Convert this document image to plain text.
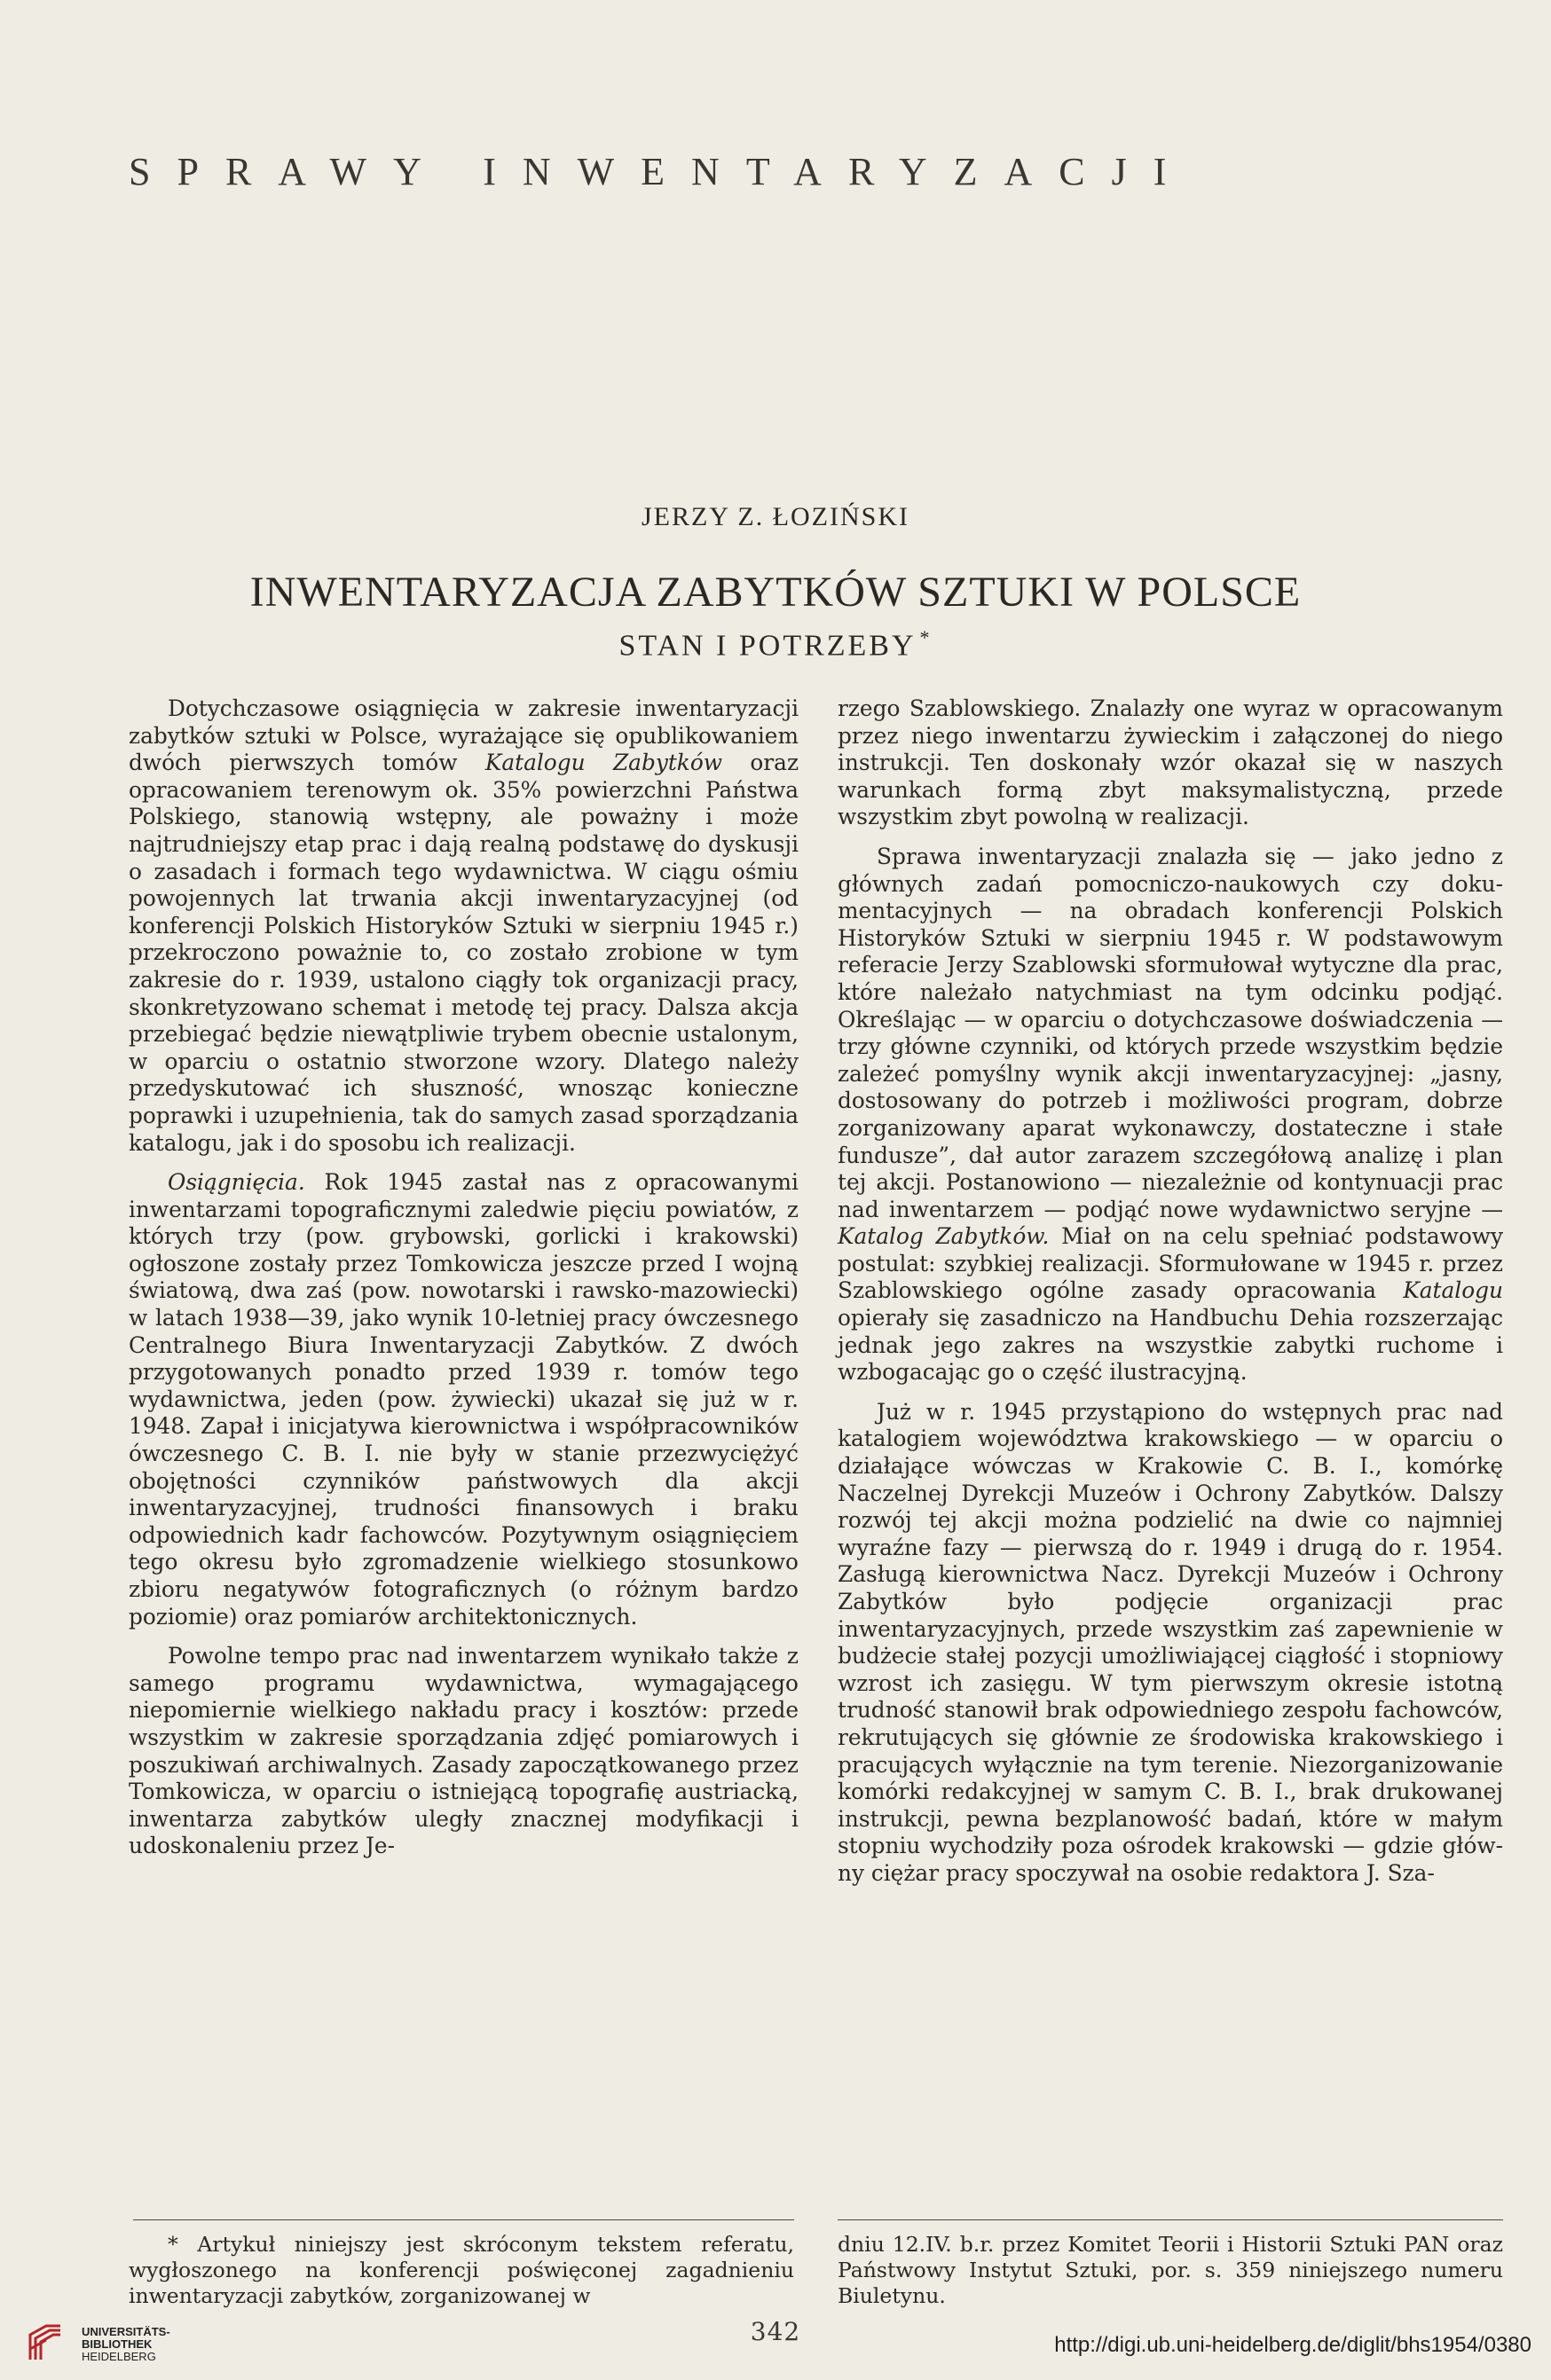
SPRAWY INWENTARYZACJI
JERZY Z. ŁOZIŃSKI
INWENTARYZACJA ZABYTKÓW SZTUKI W POLSCE
STAN I POTRZEBY *

Dotychczasowe osiągnięcia w zakresie inwentaryzacji zabytków sztuki w Polsce, wyrażające się opublikowaniem dwóch pierwszych tomów Katalogu Zabytków oraz opracowaniem terenowym ok. 35% powierzchni Państwa Polskiego, stanowią wstępny, ale poważny i może najtrudniejszy etap prac i dają realną podstawę do dyskusji o zasadach i formach tego wydawnictwa. W ciągu ośmiu powojennych lat trwania akcji inwentaryzacyjnej (od konferencji Polskich Historyków Sztuki w sierpniu 1945 r.) przekroczono poważnie to, co zostało zrobione w tym zakresie do r. 1939, ustalono ciągły tok organizacji pracy, skonkretyzowano schemat i metodę tej pracy. Dalsza akcja przebiegać będzie niewątpliwie trybem obecnie ustalonym, w oparciu o ostatnio stworzone wzory. Dlatego należy przedyskutować ich słuszność, wnosząc konieczne poprawki i uzupełnienia, tak do samych zasad sporządzania katalogu, jak i do sposobu ich realizacji.

Osiągnięcia. Rok 1945 zastał nas z opracowanymi inwentarzami topograficznymi zaledwie pięciu powiatów, z których trzy (pow. grybowski, gorlicki i krakowski) ogłoszone zostały przez Tomkowicza jeszcze przed I wojną światową, dwa zaś (pow. nowotarski i rawsko-mazowiecki) w latach 1938—39, jako wynik 10-letniej pracy ówczesnego Centralnego Biura Inwentaryzacji Zabytków. Z dwóch przygotowanych ponadto przed 1939 r. tomów tego wydawnictwa, jeden (pow. żywiecki) ukazał się już w r. 1948. Zapał i inicjatywa kierownictwa i współpracowników ówczesnego C. B. I. nie były w stanie przezwyciężyć obojętności czynników państwowych dla akcji inwentaryzacyjnej, trudności finansowych i braku odpowiednich kadr fachowców. Pozytywnym osiągnięciem tego okresu było zgromadzenie wielkiego stosunkowo zbioru negatywów fotograficznych (o różnym bardzo poziomie) oraz pomiarów architektonicznych.

Powolne tempo prac nad inwentarzem wynikało także z samego programu wydawnictwa, wymagającego niepomiernie wielkiego nakładu pracy i kosztów: przede wszystkim w zakresie sporządzania zdjęć pomiarowych i poszukiwań archiwalnych. Zasady zapoczątkowanego przez Tomkowicza, w oparciu o istniejącą topografię austriacką, inwentarza zabytków uległy znacznej modyfikacji i udoskonaleniu przez Je-

rzego Szablowskiego. Znalazły one wyraz w opracowanym przez niego inwentarzu żywieckim i załączonej do niego instrukcji. Ten doskonały wzór okazał się w naszych warunkach formą zbyt maksymalistyczną, przede wszystkim zbyt powolną w realizacji.

Sprawa inwentaryzacji znalazła się — jako jedno z głównych zadań pomocniczo-naukowych czy dokumentacyjnych — na obradach konferencji Polskich Historyków Sztuki w sierpniu 1945 r. W podstawowym referacie Jerzy Szablowski sformułował wytyczne dla prac, które należało natychmiast na tym odcinku podjąć. Określając — w oparciu o dotychczasowe doświadczenia — trzy główne czynniki, od których przede wszystkim będzie zależeć pomyślny wynik akcji inwentaryzacyjnej: „jasny, dostosowany do potrzeb i możliwości program, dobrze zorganizowany aparat wykonawczy, dostateczne i stałe fundusze”, dał autor zarazem szczegółową analizę i plan tej akcji. Postanowiono — niezależnie od kontynuacji prac nad inwentarzem — podjąć nowe wydawnictwo seryjne — Katalog Zabytków. Miał on na celu spełniać podstawowy postulat: szybkiej realizacji. Sformułowane w 1945 r. przez Szablowskiego ogólne zasady opracowania Katalogu opierały się zasadniczo na Handbuchu Dehia rozszerzając jednak jego zakres na wszystkie zabytki ruchome i wzbogacając go o część ilustracyjną.

Już w r. 1945 przystąpiono do wstępnych prac nad katalogiem województwa krakowskiego — w oparciu o działające wówczas w Krakowie C. B. I., komórkę Naczelnej Dyrekcji Muzeów i Ochrony Zabytków. Dalszy rozwój tej akcji można podzielić na dwie co najmniej wyraźne fazy — pierwszą do r. 1949 i drugą do r. 1954. Zasługą kierownictwa Nacz. Dyrekcji Muzeów i Ochrony Zabytków było podjęcie organizacji prac inwentaryzacyjnych, przede wszystkim zaś zapewnienie w budżecie stałej pozycji umożliwiającej ciągłość i stopniowy wzrost ich zasięgu. W tym pierwszym okresie istotną trudność stanowił brak odpowiedniego zespołu fachowców, rekrutujących się głównie ze środowiska krakowskiego i pracujących wyłącznie na tym terenie. Niezorganizowanie komórki redakcyjnej w samym C. B. I., brak drukowanej instrukcji, pewna bezplanowość badań, które w małym stopniu wychodziły poza ośrodek krakowski — gdzie główny ciężar pracy spoczywał na osobie redaktora J. Sza-

* Artykuł niniejszy jest skróconym tekstem referatu, wygłoszonego na konferencji poświęconej zagadnieniu inwentaryzacji zabytków, zorganizowanej w

dniu 12.IV. b.r. przez Komitet Teorii i Historii Sztuki PAN oraz Państwowy Instytut Sztuki, por. s. 359 niniejszego numeru Biuletynu.

342
UNIVERSITÄTS-
BIBLIOTHEK
HEIDELBERG	http://digi.ub.uni-heidelberg.de/diglit/bhs1954/0380
